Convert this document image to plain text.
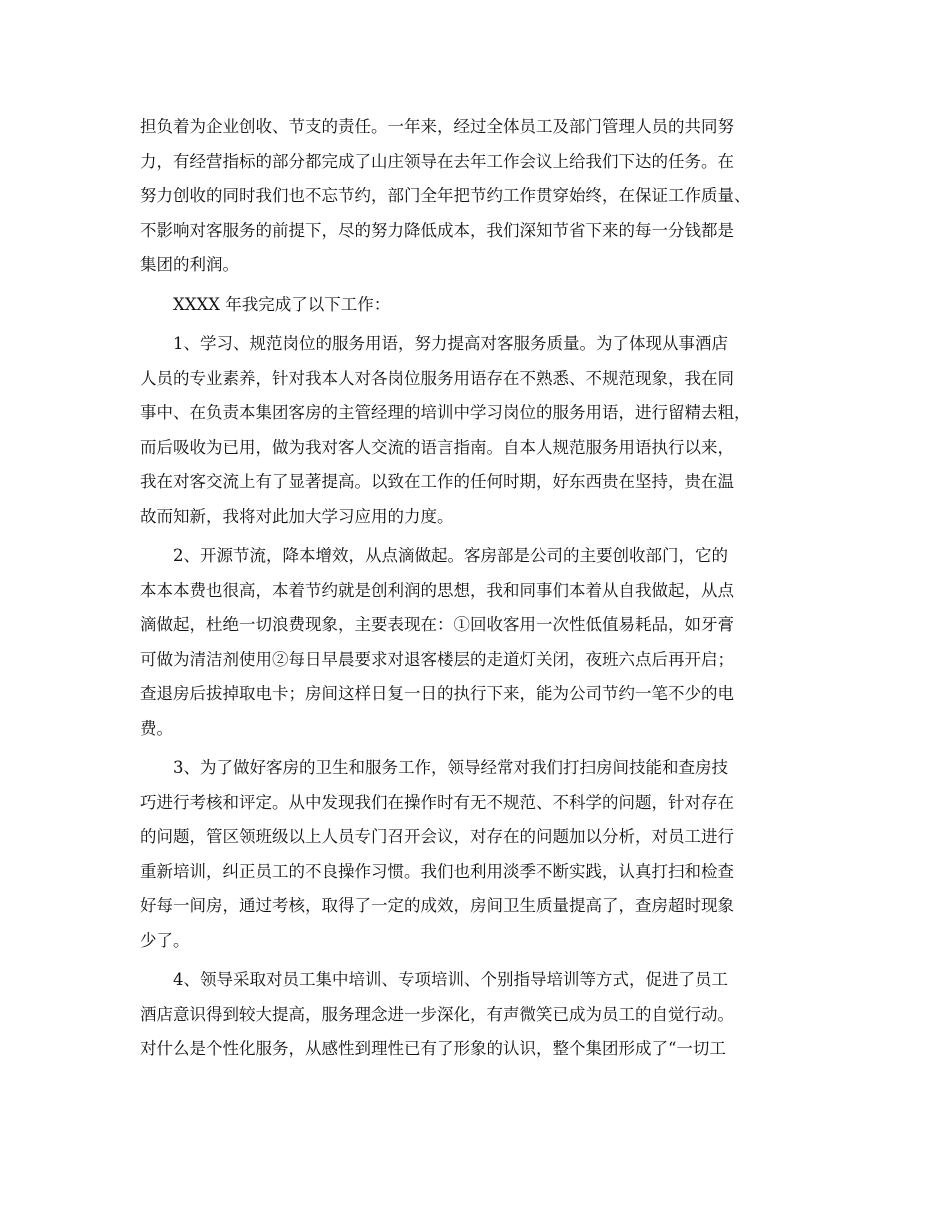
担负着为企业创收、节支的责任。一年来，经过全体员工及部门管理人员的共同努
力，有经营指标的部分都完成了山庄领导在去年工作会议上给我们下达的任务。在
努力创收的同时我们也不忘节约，部门全年把节约工作贯穿始终，在保证工作质量、
不影响对客服务的前提下，尽的努力降低成本，我们深知节省下来的每一分钱都是
集团的利润。
XXXX 年我完成了以下工作：
1、学习、规范岗位的服务用语，努力提高对客服务质量。为了体现从事酒店
人员的专业素养，针对我本人对各岗位服务用语存在不熟悉、不规范现象，我在同
事中、在负责本集团客房的主管经理的培训中学习岗位的服务用语，进行留精去粗，
而后吸收为已用，做为我对客人交流的语言指南。自本人规范服务用语执行以来，
我在对客交流上有了显著提高。以致在工作的任何时期，好东西贵在坚持，贵在温
故而知新，我将对此加大学习应用的力度。
2、开源节流，降本增效，从点滴做起。客房部是公司的主要创收部门，它的
本本本费也很高，本着节约就是创利润的思想，我和同事们本着从自我做起，从点
滴做起，杜绝一切浪费现象，主要表现在：①回收客用一次性低值易耗品，如牙膏
可做为清洁剂使用②每日早晨要求对退客楼层的走道灯关闭，夜班六点后再开启；
查退房后拔掉取电卡；房间这样日复一日的执行下来，能为公司节约一笔不少的电
费。
3、为了做好客房的卫生和服务工作，领导经常对我们打扫房间技能和查房技
巧进行考核和评定。从中发现我们在操作时有无不规范、不科学的问题，针对存在
的问题，管区领班级以上人员专门召开会议，对存在的问题加以分析，对员工进行
重新培训，纠正员工的不良操作习惯。我们也利用淡季不断实践，认真打扫和检查
好每一间房，通过考核，取得了一定的成效，房间卫生质量提高了，查房超时现象
少了。
4、领导采取对员工集中培训、专项培训、个别指导培训等方式，促进了员工
酒店意识得到较大提高，服务理念进一步深化，有声微笑已成为员工的自觉行动。
对什么是个性化服务，从感性到理性已有了形象的认识，整个集团形成了“一切工
